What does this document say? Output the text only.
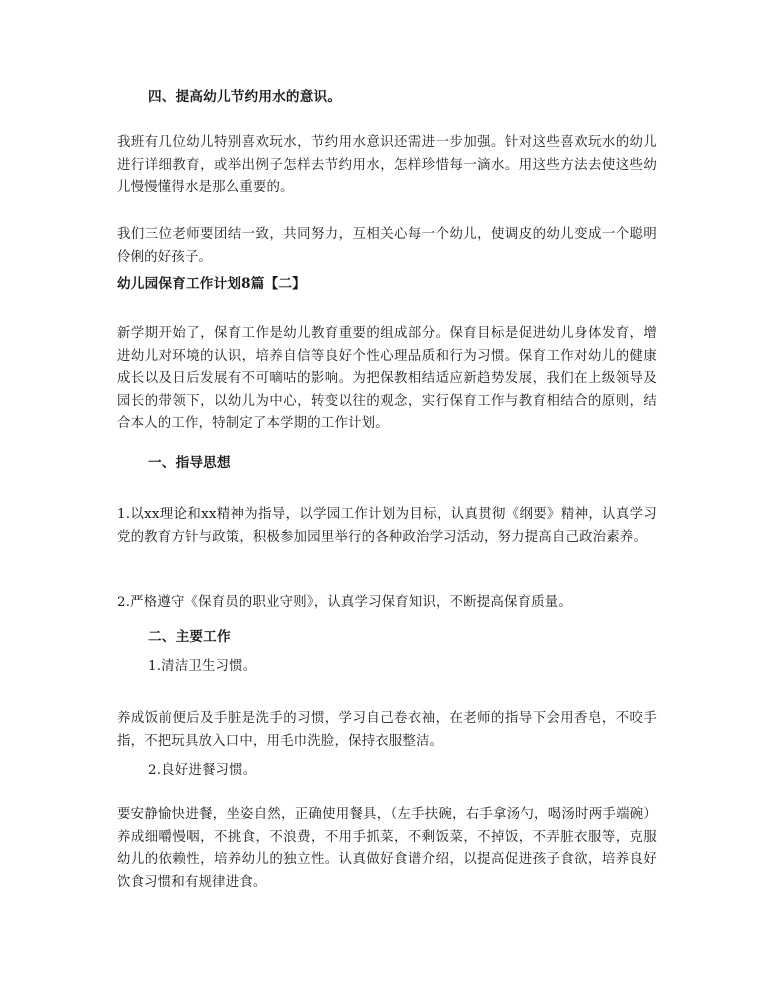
四、提高幼儿节约用水的意识。

我班有几位幼儿特别喜欢玩水，节约用水意识还需进一步加强。针对这些喜欢玩水的幼儿进行详细教育，或举出例子怎样去节约用水，怎样珍惜每一滴水。用这些方法去使这些幼儿慢慢懂得水是那么重要的。

我们三位老师要团结一致，共同努力，互相关心每一个幼儿，使调皮的幼儿变成一个聪明伶俐的好孩子。

幼儿园保育工作计划8篇【二】

新学期开始了，保育工作是幼儿教育重要的组成部分。保育目标是促进幼儿身体发育，增进幼儿对环境的认识，培养自信等良好个性心理品质和行为习惯。保育工作对幼儿的健康成长以及日后发展有不可嘀咕的影响。为把保教相结适应新趋势发展，我们在上级领导及园长的带领下，以幼儿为中心，转变以往的观念，实行保育工作与教育相结合的原则，结合本人的工作，特制定了本学期的工作计划。

一、指导思想

1.以xx理论和xx精神为指导，以学园工作计划为目标，认真贯彻《纲要》精神，认真学习党的教育方针与政策，积极参加园里举行的各种政治学习活动，努力提高自己政治素养。

2.严格遵守《保育员的职业守则》，认真学习保育知识，不断提高保育质量。

二、主要工作

1.清洁卫生习惯。

养成饭前便后及手脏是洗手的习惯，学习自己卷衣袖，在老师的指导下会用香皂，不咬手指，不把玩具放入口中，用毛巾洗脸，保持衣服整洁。

2.良好进餐习惯。

要安静愉快进餐，坐姿自然，正确使用餐具，（左手扶碗，右手拿汤勺，喝汤时两手端碗）养成细嚼慢咽，不挑食，不浪费，不用手抓菜，不剩饭菜，不掉饭，不弄脏衣服等，克服幼儿的依赖性，培养幼儿的独立性。认真做好食谱介绍，以提高促进孩子食欲，培养良好饮食习惯和有规律进食。
